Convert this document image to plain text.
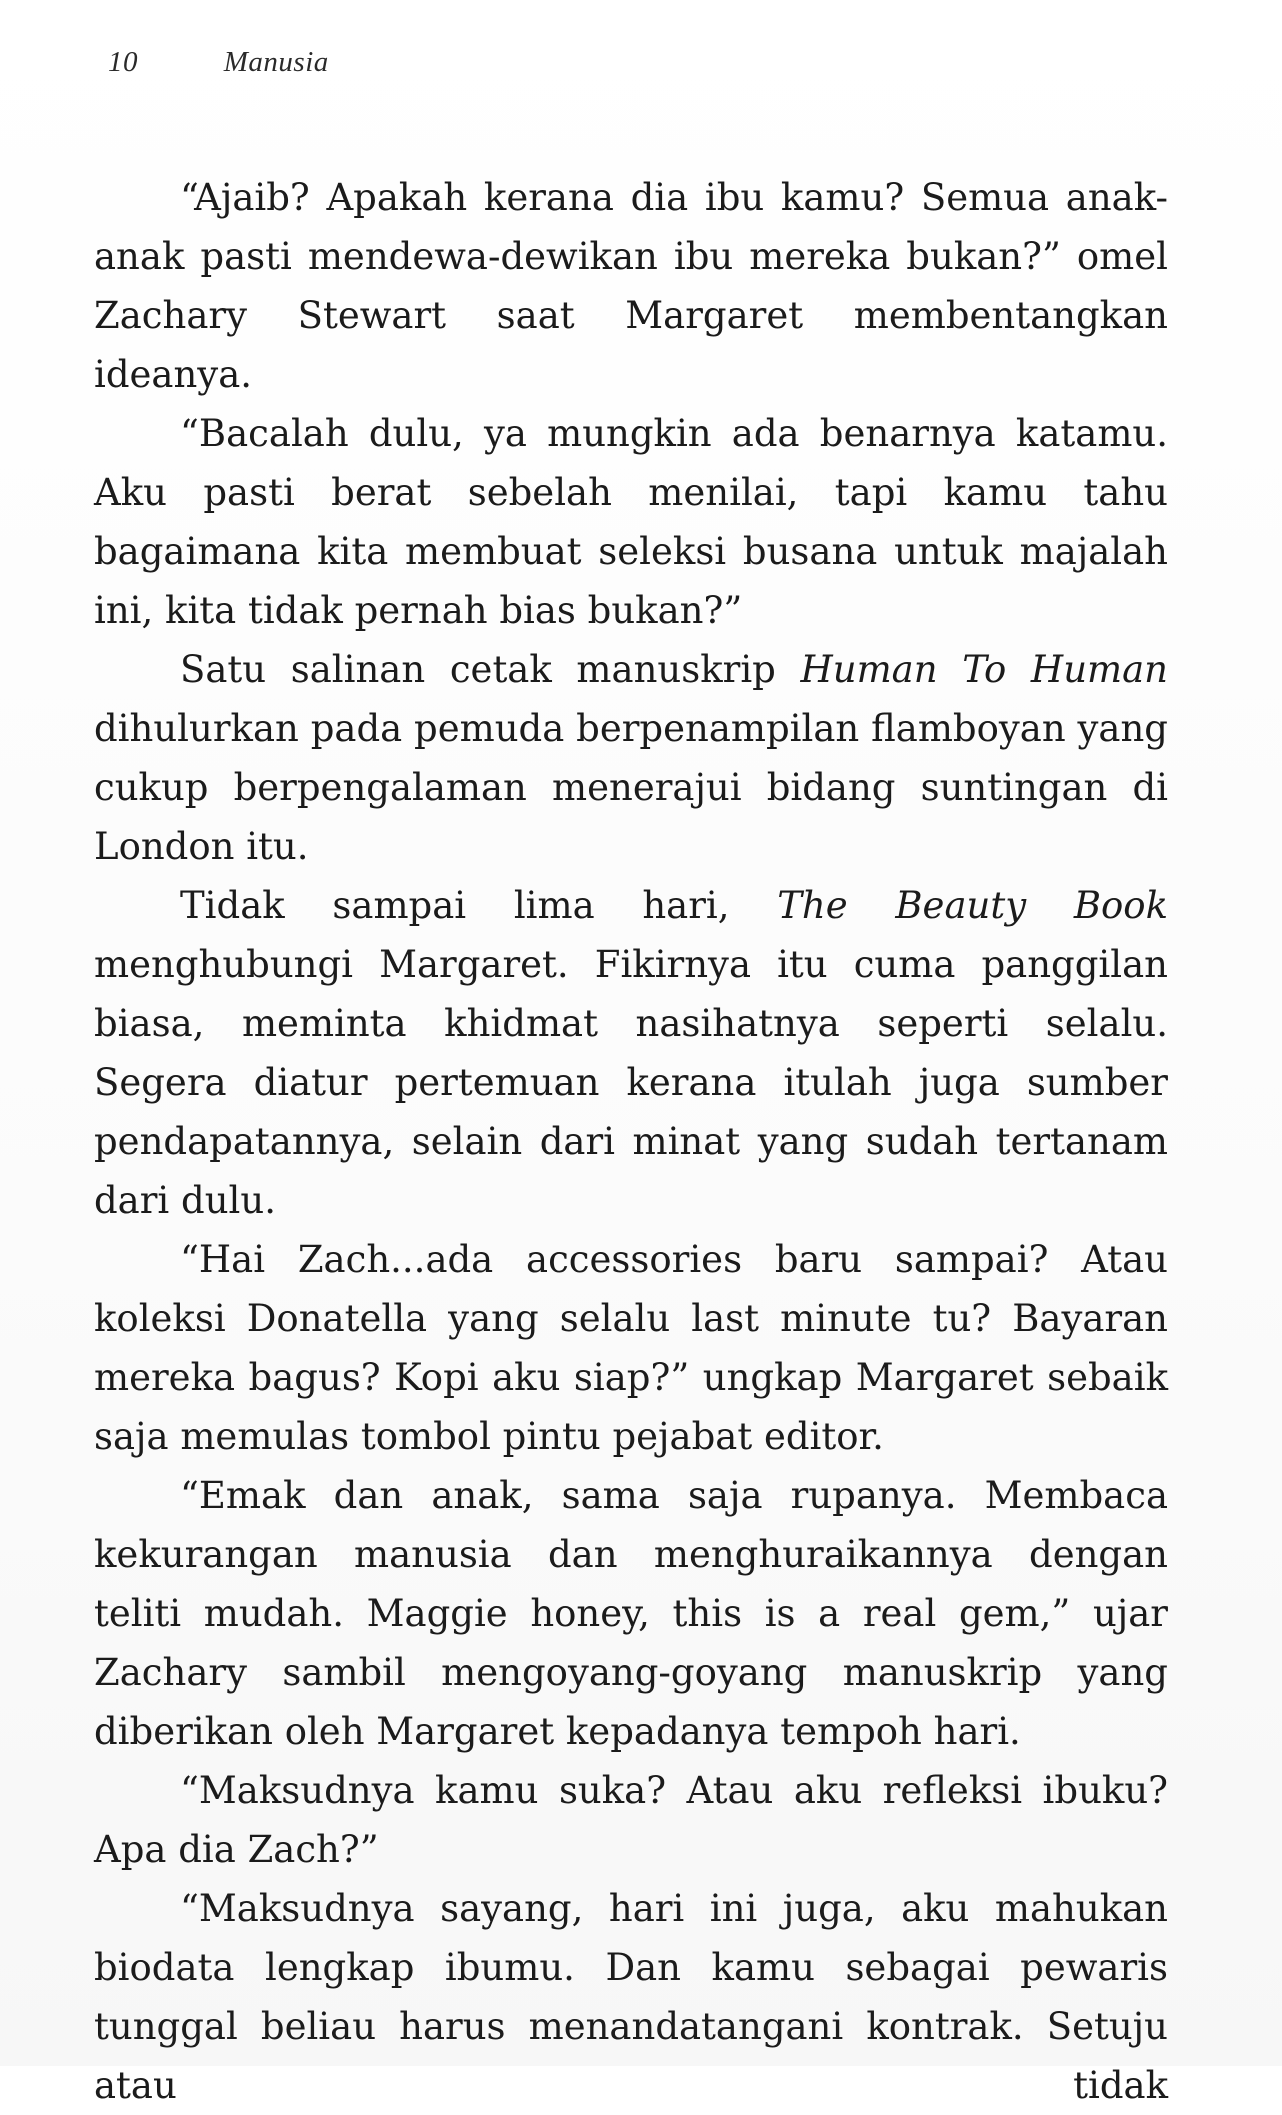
10	Manusia

“Ajaib? Apakah kerana dia ibu kamu? Semua anak-anak pasti mendewa-dewikan ibu mereka bukan?” omel Zachary Stewart saat Margaret membentangkan ideanya.

“Bacalah dulu, ya mungkin ada benarnya katamu. Aku pasti berat sebelah menilai, tapi kamu tahu bagaimana kita membuat seleksi busana untuk majalah ini, kita tidak pernah bias bukan?”

Satu salinan cetak manuskrip Human To Human dihulurkan pada pemuda berpenampilan flamboyan yang cukup berpengalaman menerajui bidang suntingan di London itu.

Tidak sampai lima hari, The Beauty Book menghubungi Margaret. Fikirnya itu cuma panggilan biasa, meminta khidmat nasihatnya seperti selalu. Segera diatur pertemuan kerana itulah juga sumber pendapatannya, selain dari minat yang sudah tertanam dari dulu.

“Hai Zach...ada accessories baru sampai? Atau koleksi Donatella yang selalu last minute tu? Bayaran mereka bagus? Kopi aku siap?” ungkap Margaret sebaik saja memulas tombol pintu pejabat editor.

“Emak dan anak, sama saja rupanya. Membaca kekurangan manusia dan menghuraikannya dengan teliti mudah. Maggie honey, this is a real gem,” ujar Zachary sambil mengoyang-goyang manuskrip yang diberikan oleh Margaret kepadanya tempoh hari.

“Maksudnya kamu suka? Atau aku refleksi ibuku? Apa dia Zach?”

“Maksudnya sayang, hari ini juga, aku mahukan biodata lengkap ibumu. Dan kamu sebagai pewaris tunggal beliau harus menandatangani kontrak. Setuju atau tidak
